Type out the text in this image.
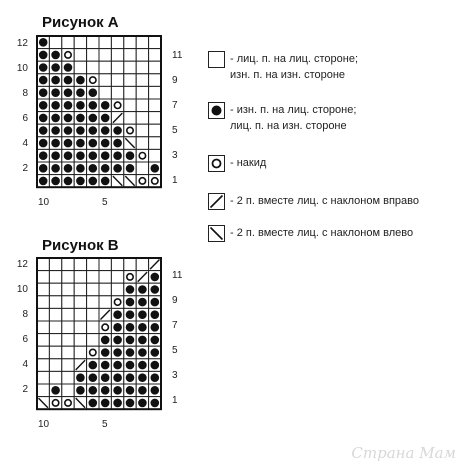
Рисунок А
12
10
8
6
4
2
11
9
7
5
3
1
10	5
Рисунок В
12
10
8
6
4
2
11
9
7
5
3
1
10	5
- лиц. п. на лиц. стороне;
изн. п. на изн. стороне
- изн. п. на лиц. стороне;
лиц. п. на изн. стороне
- накид
- 2 п. вместе лиц. с наклоном вправо
- 2 п. вместе лиц. с наклоном влево
Страна Мам
